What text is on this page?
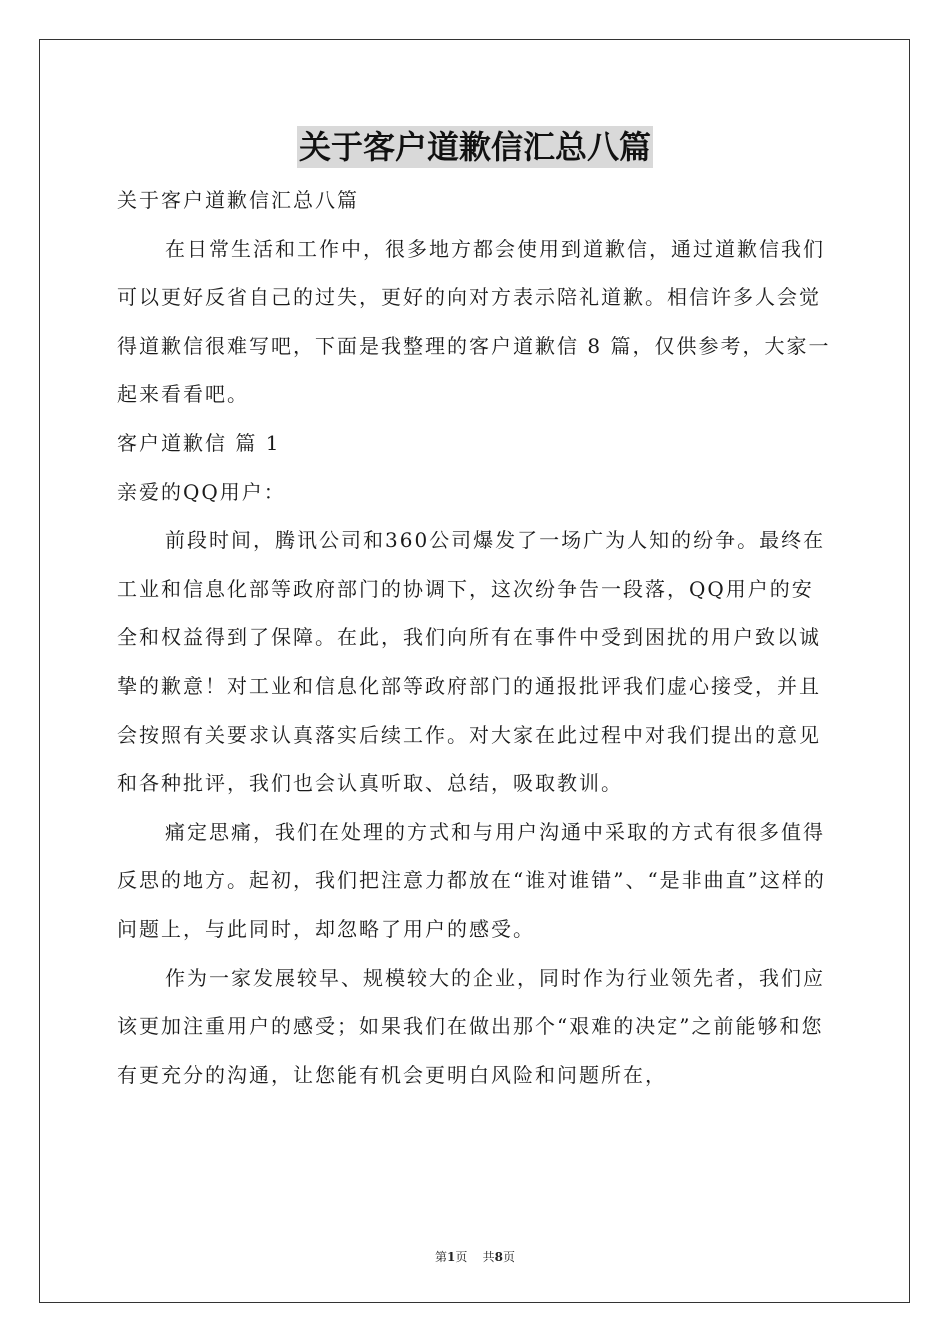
关于客户道歉信汇总八篇

关于客户道歉信汇总八篇

在日常生活和工作中，很多地方都会使用到道歉信，通过道歉信我们可以更好反省自己的过失，更好的向对方表示陪礼道歉。相信许多人会觉得道歉信很难写吧，下面是我整理的客户道歉信 8 篇，仅供参考，大家一起来看看吧。

客户道歉信 篇 1

亲爱的QQ用户：

前段时间，腾讯公司和360公司爆发了一场广为人知的纷争。最终在工业和信息化部等政府部门的协调下，这次纷争告一段落，QQ用户的安全和权益得到了保障。在此，我们向所有在事件中受到困扰的用户致以诚挚的歉意！对工业和信息化部等政府部门的通报批评我们虚心接受，并且会按照有关要求认真落实后续工作。对大家在此过程中对我们提出的意见和各种批评，我们也会认真听取、总结，吸取教训。

痛定思痛，我们在处理的方式和与用户沟通中采取的方式有很多值得反思的地方。起初，我们把注意力都放在“谁对谁错”、“是非曲直”这样的问题上，与此同时，却忽略了用户的感受。

作为一家发展较早、规模较大的企业，同时作为行业领先者，我们应该更加注重用户的感受；如果我们在做出那个“艰难的决定”之前能够和您有更充分的沟通，让您能有机会更明白风险和问题所在，

第1页 共8页
